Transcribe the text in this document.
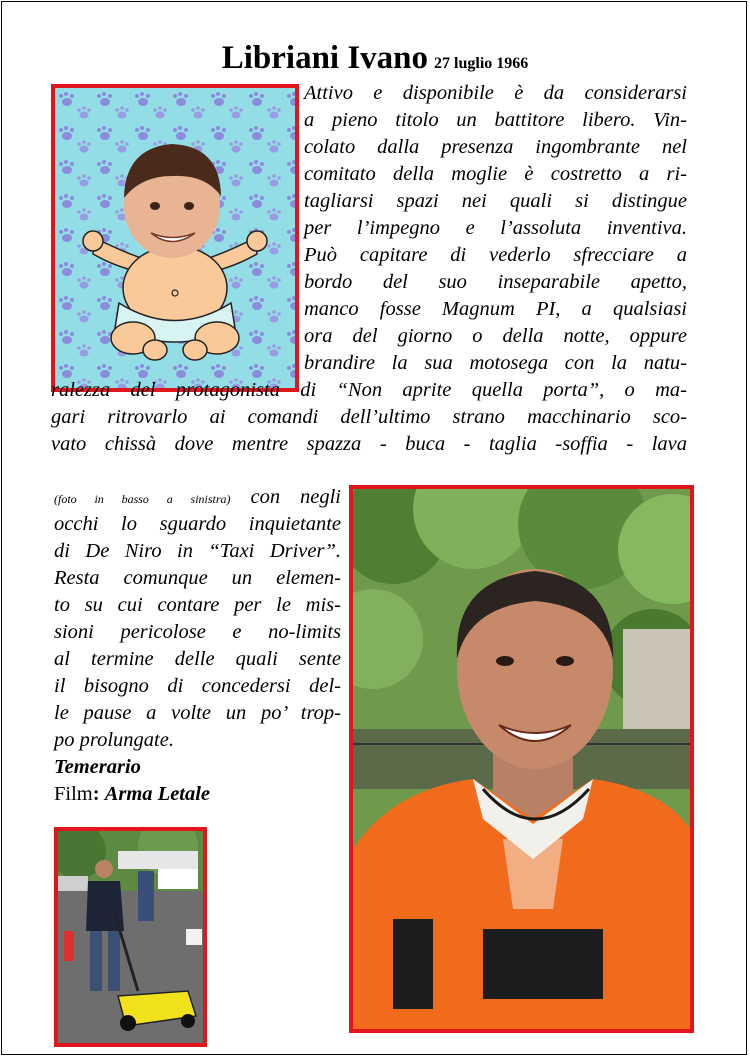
Libriani Ivano 27 luglio 1966
Attivo e disponibile è da considerarsi
a pieno titolo un battitore libero. Vin-
colato dalla presenza ingombrante nel
comitato della moglie è costretto a ri-
tagliarsi spazi nei quali si distingue
per l’impegno e l’assoluta inventiva.
Può capitare di vederlo sfrecciare a
bordo del suo inseparabile apetto,
manco fosse Magnum PI, a qualsiasi
ora del giorno o della notte, oppure
brandire la sua motosega con la natu-
ralezza del protagonista di “Non aprite quella porta”, o ma-
gari ritrovarlo ai comandi dell’ultimo strano macchinario sco-
vato chissà dove mentre spazza - buca - taglia -soffia - lava
(foto in basso a sinistra) con negli
occhi lo sguardo inquietante
di De Niro in “Taxi Driver”.
Resta comunque un elemen-
to su cui contare per le mis-
sioni pericolose e no-limits
al termine delle quali sente
il bisogno di concedersi del-
le pause a volte un po’ trop-
po prolungate.
Temerario
Film: Arma Letale
